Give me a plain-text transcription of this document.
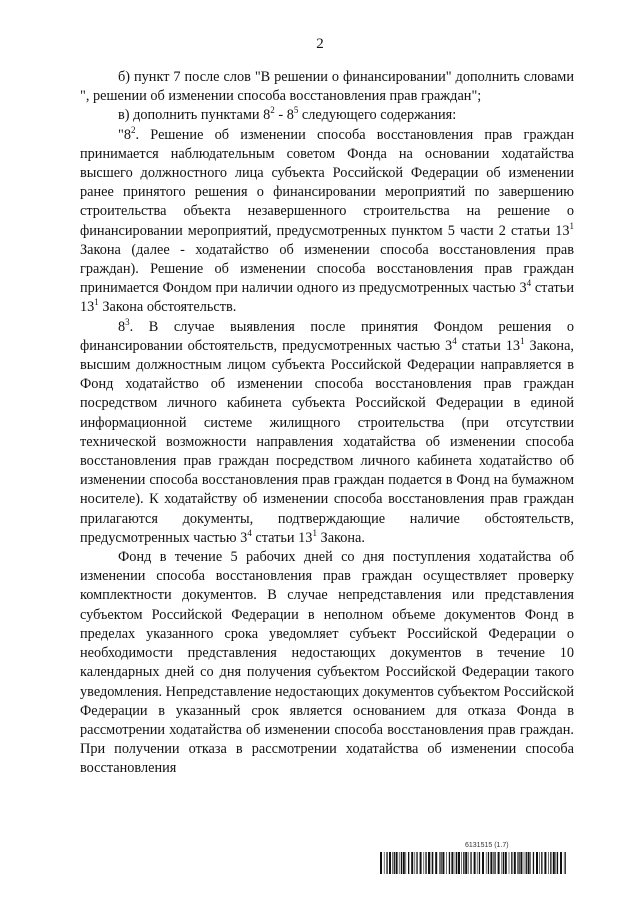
2

б) пункт 7 после слов "В решении о финансировании" дополнить словами ", решении об изменении способа восстановления прав граждан";

в) дополнить пунктами $8^2 - 8^5$ следующего содержания:

"$8^2$. Решение об изменении способа восстановления прав граждан принимается наблюдательным советом Фонда на основании ходатайства высшего должностного лица субъекта Российской Федерации об изменении ранее принятого решения о финансировании мероприятий по завершению строительства объекта незавершенного строительства на решение о финансировании мероприятий, предусмотренных пунктом 5 части 2 статьи $13^1$ Закона (далее - ходатайство об изменении способа восстановления прав граждан). Решение об изменении способа восстановления прав граждан принимается Фондом при наличии одного из предусмотренных частью $3^4$ статьи $13^1$ Закона обстоятельств.

$8^3$. В случае выявления после принятия Фондом решения о финансировании обстоятельств, предусмотренных частью $3^4$ статьи $13^1$ Закона, высшим должностным лицом субъекта Российской Федерации направляется в Фонд ходатайство об изменении способа восстановления прав граждан посредством личного кабинета субъекта Российской Федерации в единой информационной системе жилищного строительства (при отсутствии технической возможности направления ходатайства об изменении способа восстановления прав граждан посредством личного кабинета ходатайство об изменении способа восстановления прав граждан подается в Фонд на бумажном носителе). К ходатайству об изменении способа восстановления прав граждан прилагаются документы, подтверждающие наличие обстоятельств, предусмотренных частью $3^4$ статьи $13^1$ Закона.

Фонд в течение 5 рабочих дней со дня поступления ходатайства об изменении способа восстановления прав граждан осуществляет проверку комплектности документов. В случае непредставления или представления субъектом Российской Федерации в неполном объеме документов Фонд в пределах указанного срока уведомляет субъект Российской Федерации о необходимости представления недостающих документов в течение 10 календарных дней со дня получения субъектом Российской Федерации такого уведомления. Непредставление недостающих документов субъектом Российской Федерации в указанный срок является основанием для отказа Фонда в рассмотрении ходатайства об изменении способа восстановления прав граждан. При получении отказа в рассмотрении ходатайства об изменении способа восстановления

6131515 (1.7)
